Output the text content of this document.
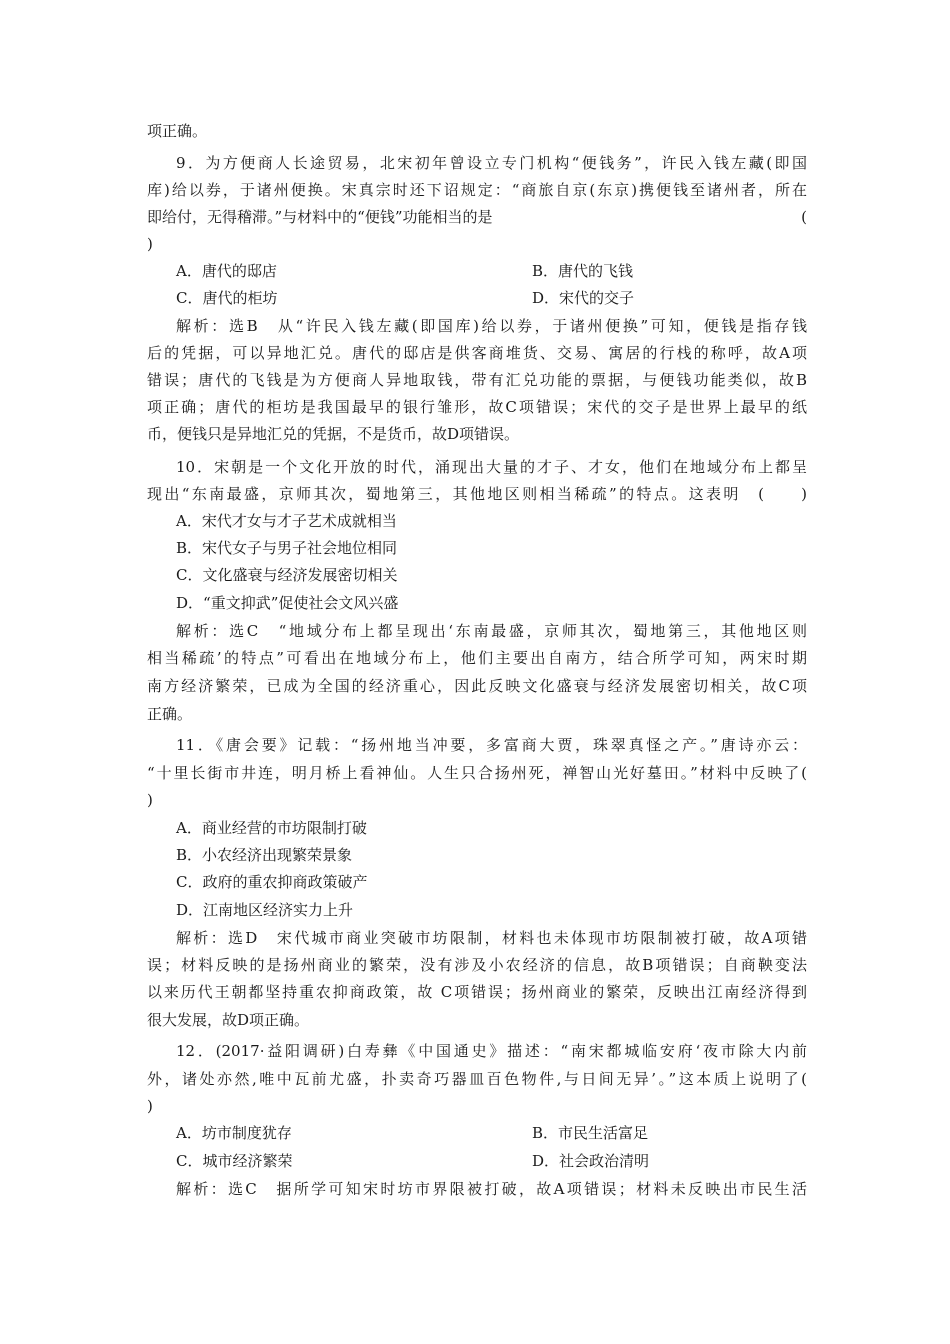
项正确。
9．为方便商人长途贸易，北宋初年曾设立专门机构“便钱务”，许民入钱左藏(即国
库)给以券，于诸州便换。宋真宗时还下诏规定：“商旅自京(东京)携便钱至诸州者，所在
即给付，无得稽滞。”与材料中的“便钱”功能相当的是	(
)
A．唐代的邸店	B．唐代的飞钱
C．唐代的柜坊	D．宋代的交子
解析：选B　从“许民入钱左藏(即国库)给以券，于诸州便换”可知，便钱是指存钱
后的凭据，可以异地汇兑。唐代的邸店是供客商堆货、交易、寓居的行栈的称呼，故A项
错误；唐代的飞钱是为方便商人异地取钱，带有汇兑功能的票据，与便钱功能类似，故B
项正确；唐代的柜坊是我国最早的银行雏形，故C项错误；宋代的交子是世界上最早的纸
币，便钱只是异地汇兑的凭据，不是货币，故D项错误。
10．宋朝是一个文化开放的时代，涌现出大量的才子、才女，他们在地域分布上都呈
现出“东南最盛，京师其次，蜀地第三，其他地区则相当稀疏”的特点。这表明　(　　)
A．宋代才女与才子艺术成就相当
B．宋代女子与男子社会地位相同
C．文化盛衰与经济发展密切相关
D．“重文抑武”促使社会文风兴盛
解析：选C　“地域分布上都呈现出‘东南最盛，京师其次，蜀地第三，其他地区则
相当稀疏’的特点”可看出在地域分布上，他们主要出自南方，结合所学可知，两宋时期
南方经济繁荣，已成为全国的经济重心，因此反映文化盛衰与经济发展密切相关，故C项
正确。
11．《唐会要》记载：“扬州地当冲要，多富商大贾，珠翠真怪之产。”唐诗亦云：
“十里长街市井连，明月桥上看神仙。人生只合扬州死，禅智山光好墓田。”材料中反映了(
)
A．商业经营的市坊限制打破
B．小农经济出现繁荣景象
C．政府的重农抑商政策破产
D．江南地区经济实力上升
解析：选D　宋代城市商业突破市坊限制，材料也未体现市坊限制被打破，故A项错
误；材料反映的是扬州商业的繁荣，没有涉及小农经济的信息，故B项错误；自商鞅变法
以来历代王朝都坚持重农抑商政策，故 C项错误；扬州商业的繁荣，反映出江南经济得到
很大发展，故D项正确。
12．(2017·益阳调研)白寿彝《中国通史》描述：“南宋都城临安府‘夜市除大内前
外，诸处亦然,唯中瓦前尤盛，扑卖奇巧器皿百色物件,与日间无异’。”这本质上说明了(
)
A．坊市制度犹存	B．市民生活富足
C．城市经济繁荣	D．社会政治清明
解析：选C　据所学可知宋时坊市界限被打破，故A项错误；材料未反映出市民生活
